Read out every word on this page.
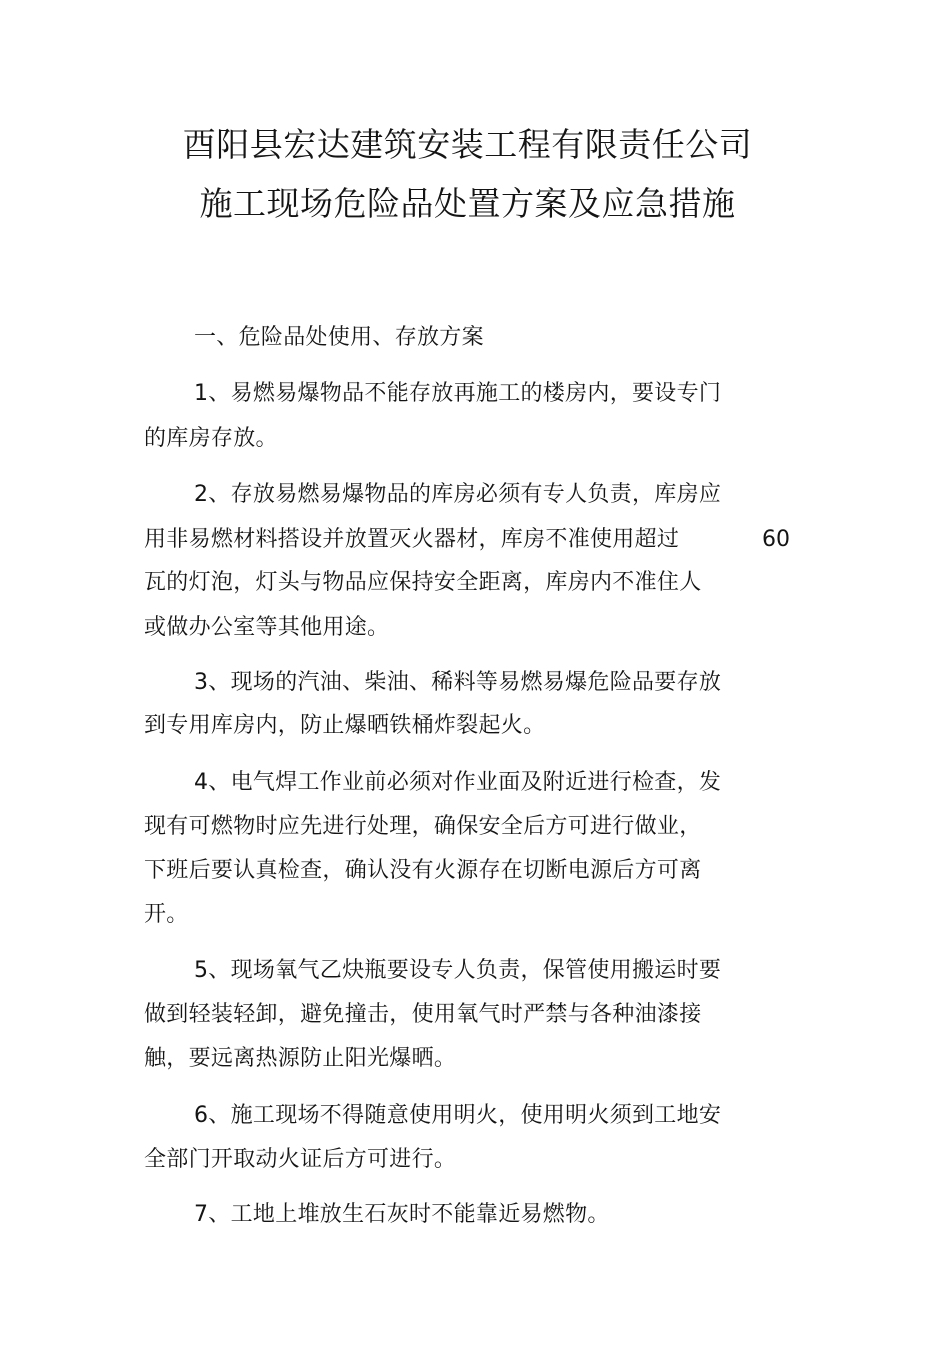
酉阳县宏达建筑安装工程有限责任公司
施工现场危险品处置方案及应急措施
一、危险品处使用、存放方案
1、易燃易爆物品不能存放再施工的楼房内，要设专门
的库房存放。
2、存放易燃易爆物品的库房必须有专人负责，库房应
用非易燃材料搭设并放置灭火器材，库房不准使用超过	60
瓦的灯泡，灯头与物品应保持安全距离，库房内不准住人
或做办公室等其他用途。
3、现场的汽油、柴油、稀料等易燃易爆危险品要存放
到专用库房内，防止爆晒铁桶炸裂起火。
4、电气焊工作业前必须对作业面及附近进行检查，发
现有可燃物时应先进行处理，确保安全后方可进行做业，
下班后要认真检查，确认没有火源存在切断电源后方可离
开。
5、现场氧气乙炔瓶要设专人负责，保管使用搬运时要
做到轻装轻卸，避免撞击，使用氧气时严禁与各种油漆接
触，要远离热源防止阳光爆晒。
6、施工现场不得随意使用明火，使用明火须到工地安
全部门开取动火证后方可进行。
7、工地上堆放生石灰时不能靠近易燃物。
